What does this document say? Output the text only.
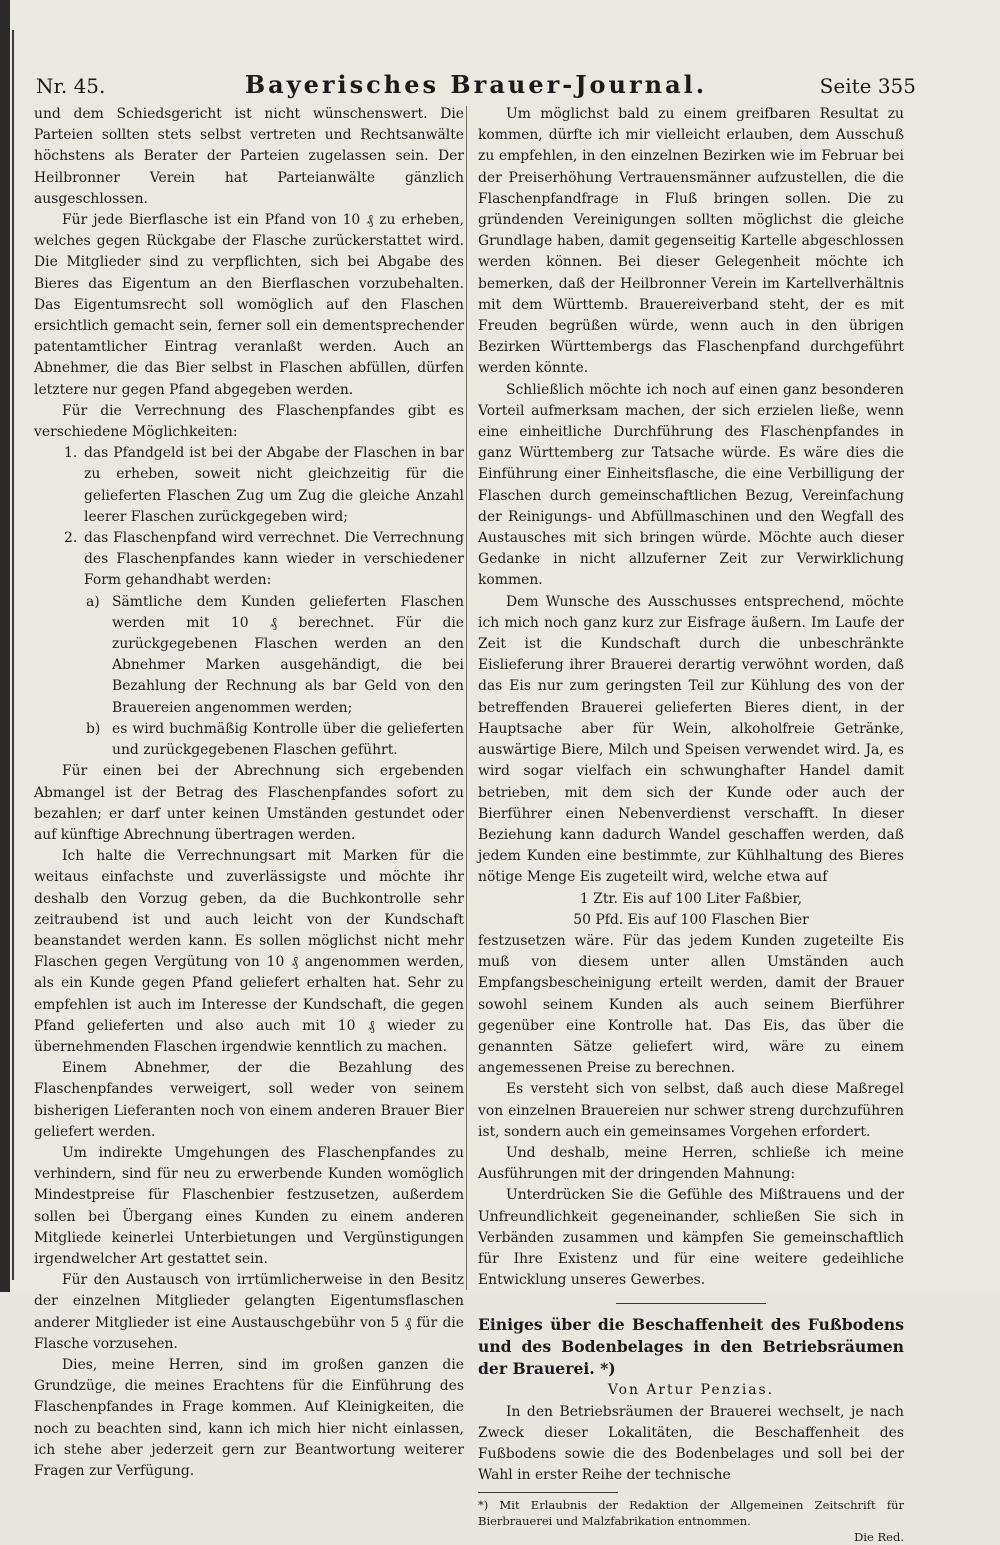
Nr. 45.	Bayerisches Brauer-Journal.	Seite 355

und dem Schiedsgericht ist nicht wünschenswert. Die Parteien sollten stets selbst vertreten und Rechtsanwälte höchstens als Berater der Parteien zugelassen sein. Der Heilbronner Verein hat Parteianwälte gänzlich ausgeschlossen.

Für jede Bierflasche ist ein Pfand von 10 ₰ zu erheben, welches gegen Rückgabe der Flasche zurückerstattet wird. Die Mitglieder sind zu verpflichten, sich bei Abgabe des Bieres das Eigentum an den Bierflaschen vorzubehalten. Das Eigentumsrecht soll womöglich auf den Flaschen ersichtlich gemacht sein, ferner soll ein dementsprechender patentamtlicher Eintrag veranlaßt werden. Auch an Abnehmer, die das Bier selbst in Flaschen abfüllen, dürfen letztere nur gegen Pfand abgegeben werden.

Für die Verrechnung des Flaschenpfandes gibt es verschiedene Möglichkeiten:

1. das Pfandgeld ist bei der Abgabe der Flaschen in bar zu erheben, soweit nicht gleichzeitig für die gelieferten Flaschen Zug um Zug die gleiche Anzahl leerer Flaschen zurückgegeben wird;
2. das Flaschenpfand wird verrechnet. Die Verrechnung des Flaschenpfandes kann wieder in verschiedener Form gehandhabt werden:
a) Sämtliche dem Kunden gelieferten Flaschen werden mit 10 ₰ berechnet. Für die zurückgegebenen Flaschen werden an den Abnehmer Marken ausgehändigt, die bei Bezahlung der Rechnung als bar Geld von den Brauereien angenommen werden;
b) es wird buchmäßig Kontrolle über die gelieferten und zurückgegebenen Flaschen geführt.

Für einen bei der Abrechnung sich ergebenden Abmangel ist der Betrag des Flaschenpfandes sofort zu bezahlen; er darf unter keinen Umständen gestundet oder auf künftige Abrechnung übertragen werden.

Ich halte die Verrechnungsart mit Marken für die weitaus einfachste und zuverlässigste und möchte ihr deshalb den Vorzug geben, da die Buchkontrolle sehr zeitraubend ist und auch leicht von der Kundschaft beanstandet werden kann. Es sollen möglichst nicht mehr Flaschen gegen Vergütung von 10 ₰ angenommen werden, als ein Kunde gegen Pfand geliefert erhalten hat. Sehr zu empfehlen ist auch im Interesse der Kundschaft, die gegen Pfand gelieferten und also auch mit 10 ₰ wieder zu übernehmenden Flaschen irgendwie kenntlich zu machen.

Einem Abnehmer, der die Bezahlung des Flaschenpfandes verweigert, soll weder von seinem bisherigen Lieferanten noch von einem anderen Brauer Bier geliefert werden.

Um indirekte Umgehungen des Flaschenpfandes zu verhindern, sind für neu zu erwerbende Kunden womöglich Mindestpreise für Flaschenbier festzusetzen, außerdem sollen bei Übergang eines Kunden zu einem anderen Mitgliede keinerlei Unterbietungen und Vergünstigungen irgendwelcher Art gestattet sein.

Für den Austausch von irrtümlicherweise in den Besitz der einzelnen Mitglieder gelangten Eigentumsflaschen anderer Mitglieder ist eine Austauschgebühr von 5 ₰ für die Flasche vorzusehen.

Dies, meine Herren, sind im großen ganzen die Grundzüge, die meines Erachtens für die Einführung des Flaschenpfandes in Frage kommen. Auf Kleinigkeiten, die noch zu beachten sind, kann ich mich hier nicht einlassen, ich stehe aber jederzeit gern zur Beantwortung weiterer Fragen zur Verfügung.

Um möglichst bald zu einem greifbaren Resultat zu kommen, dürfte ich mir vielleicht erlauben, dem Ausschuß zu empfehlen, in den einzelnen Bezirken wie im Februar bei der Preiserhöhung Vertrauensmänner aufzustellen, die die Flaschenpfandfrage in Fluß bringen sollen. Die zu gründenden Vereinigungen sollten möglichst die gleiche Grundlage haben, damit gegenseitig Kartelle abgeschlossen werden können. Bei dieser Gelegenheit möchte ich bemerken, daß der Heilbronner Verein im Kartellverhältnis mit dem Württemb. Brauereiverband steht, der es mit Freuden begrüßen würde, wenn auch in den übrigen Bezirken Württembergs das Flaschenpfand durchgeführt werden könnte.

Schließlich möchte ich noch auf einen ganz besonderen Vorteil aufmerksam machen, der sich erzielen ließe, wenn eine einheitliche Durchführung des Flaschenpfandes in ganz Württemberg zur Tatsache würde. Es wäre dies die Einführung einer Einheitsflasche, die eine Verbilligung der Flaschen durch gemeinschaftlichen Bezug, Vereinfachung der Reinigungs- und Abfüllmaschinen und den Wegfall des Austausches mit sich bringen würde. Möchte auch dieser Gedanke in nicht allzuferner Zeit zur Verwirklichung kommen.

Dem Wunsche des Ausschusses entsprechend, möchte ich mich noch ganz kurz zur Eisfrage äußern. Im Laufe der Zeit ist die Kundschaft durch die unbeschränkte Eislieferung ihrer Brauerei derartig verwöhnt worden, daß das Eis nur zum geringsten Teil zur Kühlung des von der betreffenden Brauerei gelieferten Bieres dient, in der Hauptsache aber für Wein, alkoholfreie Getränke, auswärtige Biere, Milch und Speisen verwendet wird. Ja, es wird sogar vielfach ein schwunghafter Handel damit betrieben, mit dem sich der Kunde oder auch der Bierführer einen Nebenverdienst verschafft. In dieser Beziehung kann dadurch Wandel geschaffen werden, daß jedem Kunden eine bestimmte, zur Kühlhaltung des Bieres nötige Menge Eis zugeteilt wird, welche etwa auf

1 Ztr. Eis auf 100 Liter Faßbier,

50 Pfd. Eis auf 100 Flaschen Bier

festzusetzen wäre. Für das jedem Kunden zugeteilte Eis muß von diesem unter allen Umständen auch Empfangsbescheinigung erteilt werden, damit der Brauer sowohl seinem Kunden als auch seinem Bierführer gegenüber eine Kontrolle hat. Das Eis, das über die genannten Sätze geliefert wird, wäre zu einem angemessenen Preise zu berechnen.

Es versteht sich von selbst, daß auch diese Maßregel von einzelnen Brauereien nur schwer streng durchzuführen ist, sondern auch ein gemeinsames Vorgehen erfordert.

Und deshalb, meine Herren, schließe ich meine Ausführungen mit der dringenden Mahnung:

Unterdrücken Sie die Gefühle des Mißtrauens und der Unfreundlichkeit gegeneinander, schließen Sie sich in Verbänden zusammen und kämpfen Sie gemeinschaftlich für Ihre Existenz und für eine weitere gedeihliche Entwicklung unseres Gewerbes.

Einiges über die Beschaffenheit des Fußbodens und des Bodenbelages in den Betriebsräumen der Brauerei. *)

Von Artur Penzias.

In den Betriebsräumen der Brauerei wechselt, je nach Zweck dieser Lokalitäten, die Beschaffenheit des Fußbodens sowie die des Bodenbelages und soll bei der Wahl in erster Reihe der technische

*) Mit Erlaubnis der Redaktion der Allgemeinen Zeitschrift für Bierbrauerei und Malzfabrikation entnommen.

Die Red.
